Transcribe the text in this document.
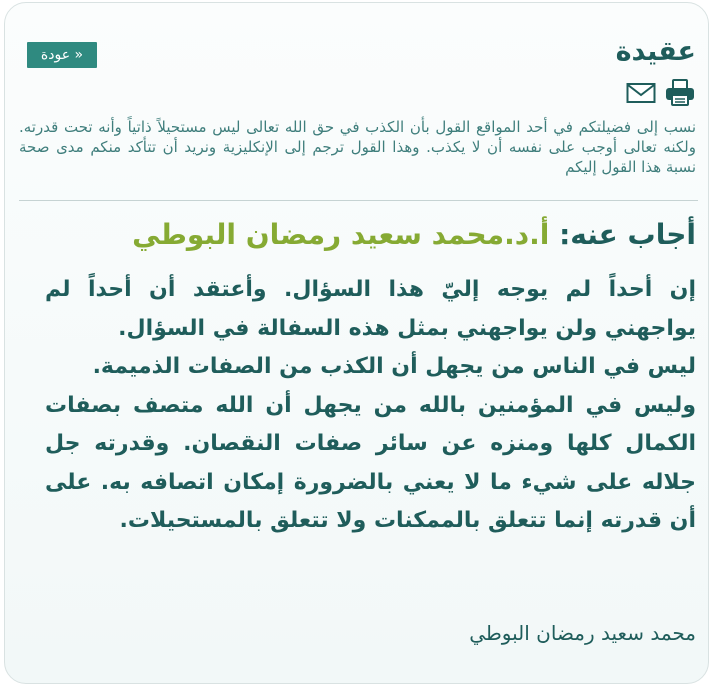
« عودة	عقيدة
نسب إلى فضيلتكم في أحد المواقع القول بأن الكذب في حق الله تعالى ليس مستحيلاً ذاتياً وأنه تحت قدرته. ولكنه تعالى أوجب على نفسه أن لا يكذب. وهذا القول ترجم إلى الإنكليزية ونريد أن تتأكد منكم مدى صحة نسبة هذا القول إليكم
أجاب عنه: أ.د.محمد سعيد رمضان البوطي

إن أحداً لم يوجه إليّ هذا السؤال. وأعتقد أن أحداً لم يواجهني ولن يواجهني بمثل هذه السفالة في السؤال.

ليس في الناس من يجهل أن الكذب من الصفات الذميمة.

وليس في المؤمنين بالله من يجهل أن الله متصف بصفات الكمال كلها ومنزه عن سائر صفات النقصان. وقدرته جل جلاله على شيء ما لا يعني بالضرورة إمكان اتصافه به. على أن قدرته إنما تتعلق بالممكنات ولا تتعلق بالمستحيلات.

محمد سعيد رمضان البوطي
